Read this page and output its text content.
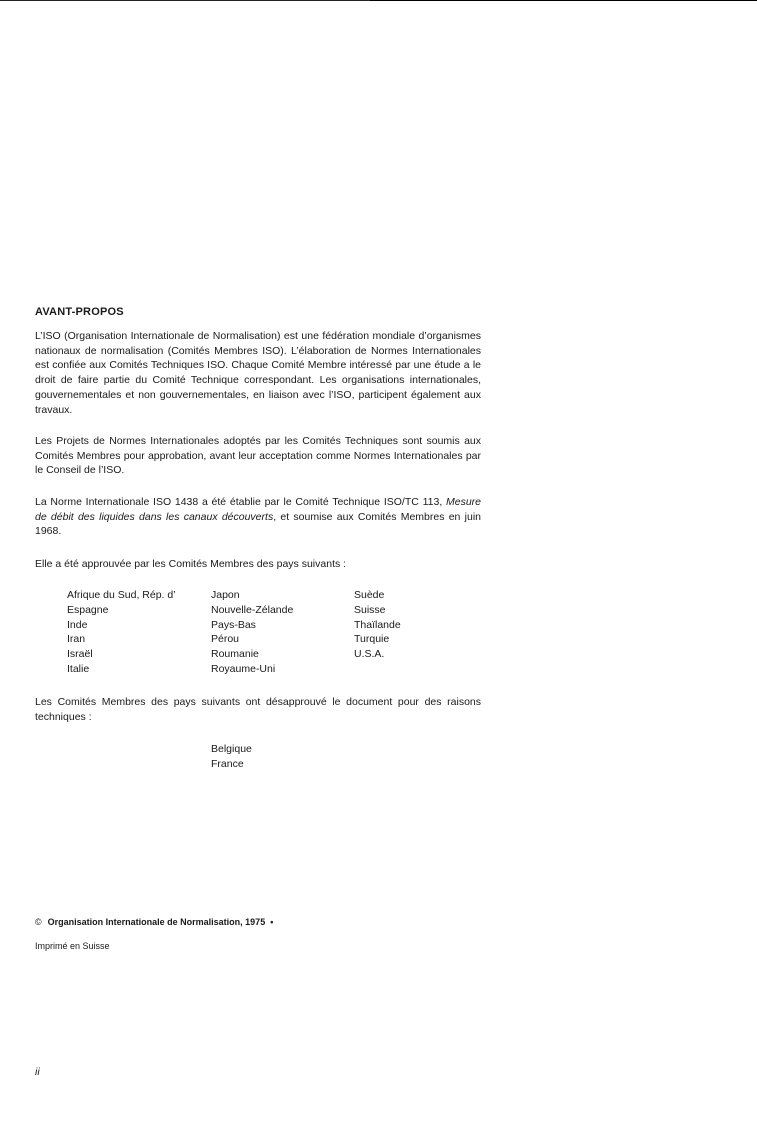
AVANT-PROPOS

L’ISO (Organisation Internationale de Normalisation) est une fédération mondiale d’organismes nationaux de normalisation (Comités Membres ISO). L’élaboration de Normes Internationales est confiée aux Comités Techniques ISO. Chaque Comité Membre intéressé par une étude a le droit de faire partie du Comité Technique correspondant. Les organisations internationales, gouvernementales et non gouvernementales, en liaison avec l’ISO, participent également aux travaux.

Les Projets de Normes Internationales adoptés par les Comités Techniques sont soumis aux Comités Membres pour approbation, avant leur acceptation comme Normes Internationales par le Conseil de l’ISO.

La Norme Internationale ISO 1438 a été établie par le Comité Technique ISO/TC 113, Mesure de débit des liquides dans les canaux découverts, et soumise aux Comités Membres en juin 1968.

Elle a été approuvée par les Comités Membres des pays suivants :

Afrique du Sud, Rép. d’
Espagne
Inde
Iran
Israël
Italie
Japon
Nouvelle-Zélande
Pays-Bas
Pérou
Roumanie
Royaume-Uni
Suède
Suisse
Thaïlande
Turquie
U.S.A.

Les Comités Membres des pays suivants ont désapprouvé le document pour des raisons techniques :

Belgique
France
© Organisation Internationale de Normalisation, 1975 •
Imprimé en Suisse
ii
